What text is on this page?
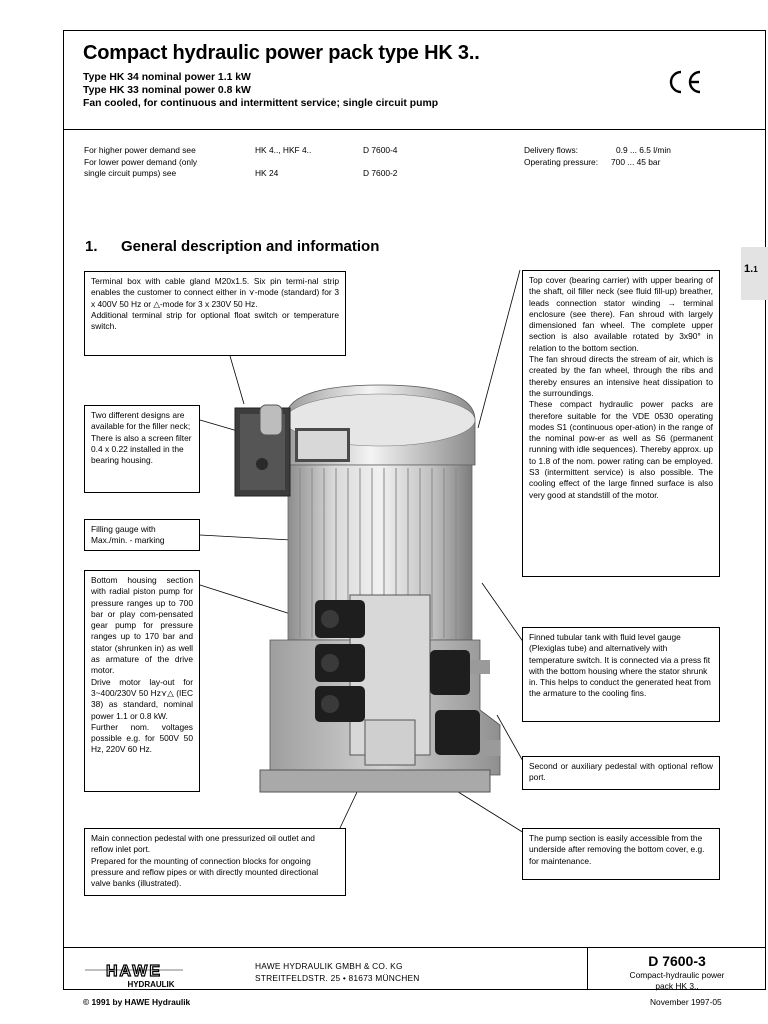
Compact hydraulic power pack type HK 3..
Type HK 34 nominal power 1.1 kW
Type HK 33 nominal power 0.8 kW
Fan cooled, for continuous and intermittent service; single circuit pump
For higher power demand see
For lower power demand (only
single circuit pumps) see
HK 4.., HKF 4..

HK 24
D 7600-4

D 7600-2
Delivery flows:
Operating pressure:
0.9 ... 6.5 l/min
700 ... 45 bar
1. General description and information
1.1
Terminal box with cable gland M20x1.5. Six pin termi-nal strip enables the customer to connect either in ⋎-mode (standard) for 3 x 400V 50 Hz or △-mode for 3 x 230V 50 Hz.
Additional terminal strip for optional float switch or temperature switch.
Two different designs are available for the filler neck; There is also a screen filter 0.4 x 0.22 installed in the bearing housing.
Filling gauge with Max./min. - marking
Bottom housing section with radial piston pump for pressure ranges up to 700 bar or play com-pensated gear pump for pressure ranges up to 170 bar and stator (shrunken in) as well as armature of the drive motor.
Drive motor lay-out for 3~400/230V 50 Hz⋎△ (IEC 38) as standard, nominal power 1.1 or 0.8 kW.
Further nom. voltages possible e.g. for 500V 50 Hz, 220V 60 Hz.
Main connection pedestal with one pressurized oil outlet and reflow inlet port.
Prepared for the mounting of connection blocks for ongoing pressure and reflow pipes or with directly mounted directional valve banks (illustrated).
Top cover (bearing carrier) with upper bearing of the shaft, oil filler neck (see fluid fill-up) breather, leads connection stator winding → terminal enclosure (see there). Fan shroud with largely dimensioned fan wheel. The complete upper section is also available rotated by 3x90° in relation to the bottom section.
The fan shroud directs the stream of air, which is created by the fan wheel, through the ribs and thereby ensures an intensive heat dissipation to the surroundings.
These compact hydraulic power packs are therefore suitable for the VDE 0530 operating modes S1 (continuous oper-ation) in the range of the nominal pow-er as well as S6 (permanent running with idle sequences). Thereby approx. up to 1.8 of the nom. power rating can be employed. S3 (intermittent service) is also possible. The cooling effect of the large finned surface is also very good at standstill of the motor.
Finned tubular tank with fluid level gauge (Plexiglas tube) and alternatively with temperature switch. It is connected via a press fit with the bottom housing where the stator shrunk in. This helps to conduct the generated heat from the armature to the cooling fins.
Second or auxiliary pedestal with optional reflow port.
The pump section is easily accessible from the underside after removing the bottom cover, e.g. for maintenance.
HAWE
HYDRAULIK
HAWE HYDRAULIK GMBH & CO. KG
STREITFELDSTR. 25 • 81673 MÜNCHEN
D 7600-3
Compact-hydraulic power
pack HK 3..
© 1991 by HAWE Hydraulik	November 1997-05
